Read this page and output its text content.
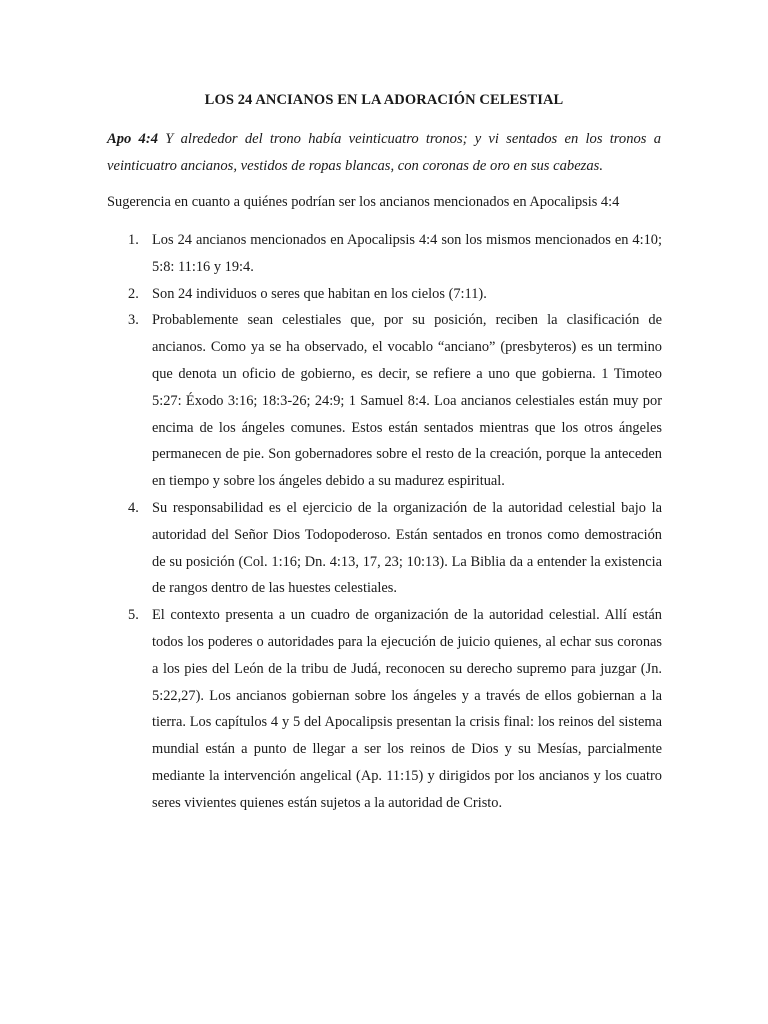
LOS 24 ANCIANOS EN LA ADORACIÓN CELESTIAL
Apo 4:4 Y alrededor del trono había veinticuatro tronos; y vi sentados en los tronos a veinticuatro ancianos, vestidos de ropas blancas, con coronas de oro en sus cabezas.
Sugerencia en cuanto a quiénes podrían ser los ancianos mencionados en Apocalipsis 4:4
1. Los 24 ancianos mencionados en Apocalipsis 4:4 son los mismos mencionados en 4:10; 5:8: 11:16 y 19:4.
2. Son 24 individuos o seres que habitan en los cielos (7:11).
3. Probablemente sean celestiales que, por su posición, reciben la clasificación de ancianos. Como ya se ha observado, el vocablo “anciano” (presbyteros) es un termino que denota un oficio de gobierno, es decir, se refiere a uno que gobierna. 1 Timoteo 5:27: Éxodo 3:16; 18:3-26; 24:9; 1 Samuel 8:4. Loa ancianos celestiales están muy por encima de los ángeles comunes. Estos están sentados mientras que los otros ángeles permanecen de pie. Son gobernadores sobre el resto de la creación, porque la anteceden en tiempo y sobre los ángeles debido a su madurez espiritual.
4. Su responsabilidad es el ejercicio de la organización de la autoridad celestial bajo la autoridad del Señor Dios Todopoderoso. Están sentados en tronos como demostración de su posición (Col. 1:16; Dn. 4:13, 17, 23; 10:13). La Biblia da a entender la existencia de rangos dentro de las huestes celestiales.
5. El contexto presenta a un cuadro de organización de la autoridad celestial. Allí están todos los poderes o autoridades para la ejecución de juicio quienes, al echar sus coronas a los pies del León de la tribu de Judá, reconocen su derecho supremo para juzgar (Jn. 5:22,27). Los ancianos gobiernan sobre los ángeles y a través de ellos gobiernan a la tierra. Los capítulos 4 y 5 del Apocalipsis presentan la crisis final: los reinos del sistema mundial están a punto de llegar a ser los reinos de Dios y su Mesías, parcialmente mediante la intervención angelical (Ap. 11:15) y dirigidos por los ancianos y los cuatro seres vivientes quienes están sujetos a la autoridad de Cristo.
